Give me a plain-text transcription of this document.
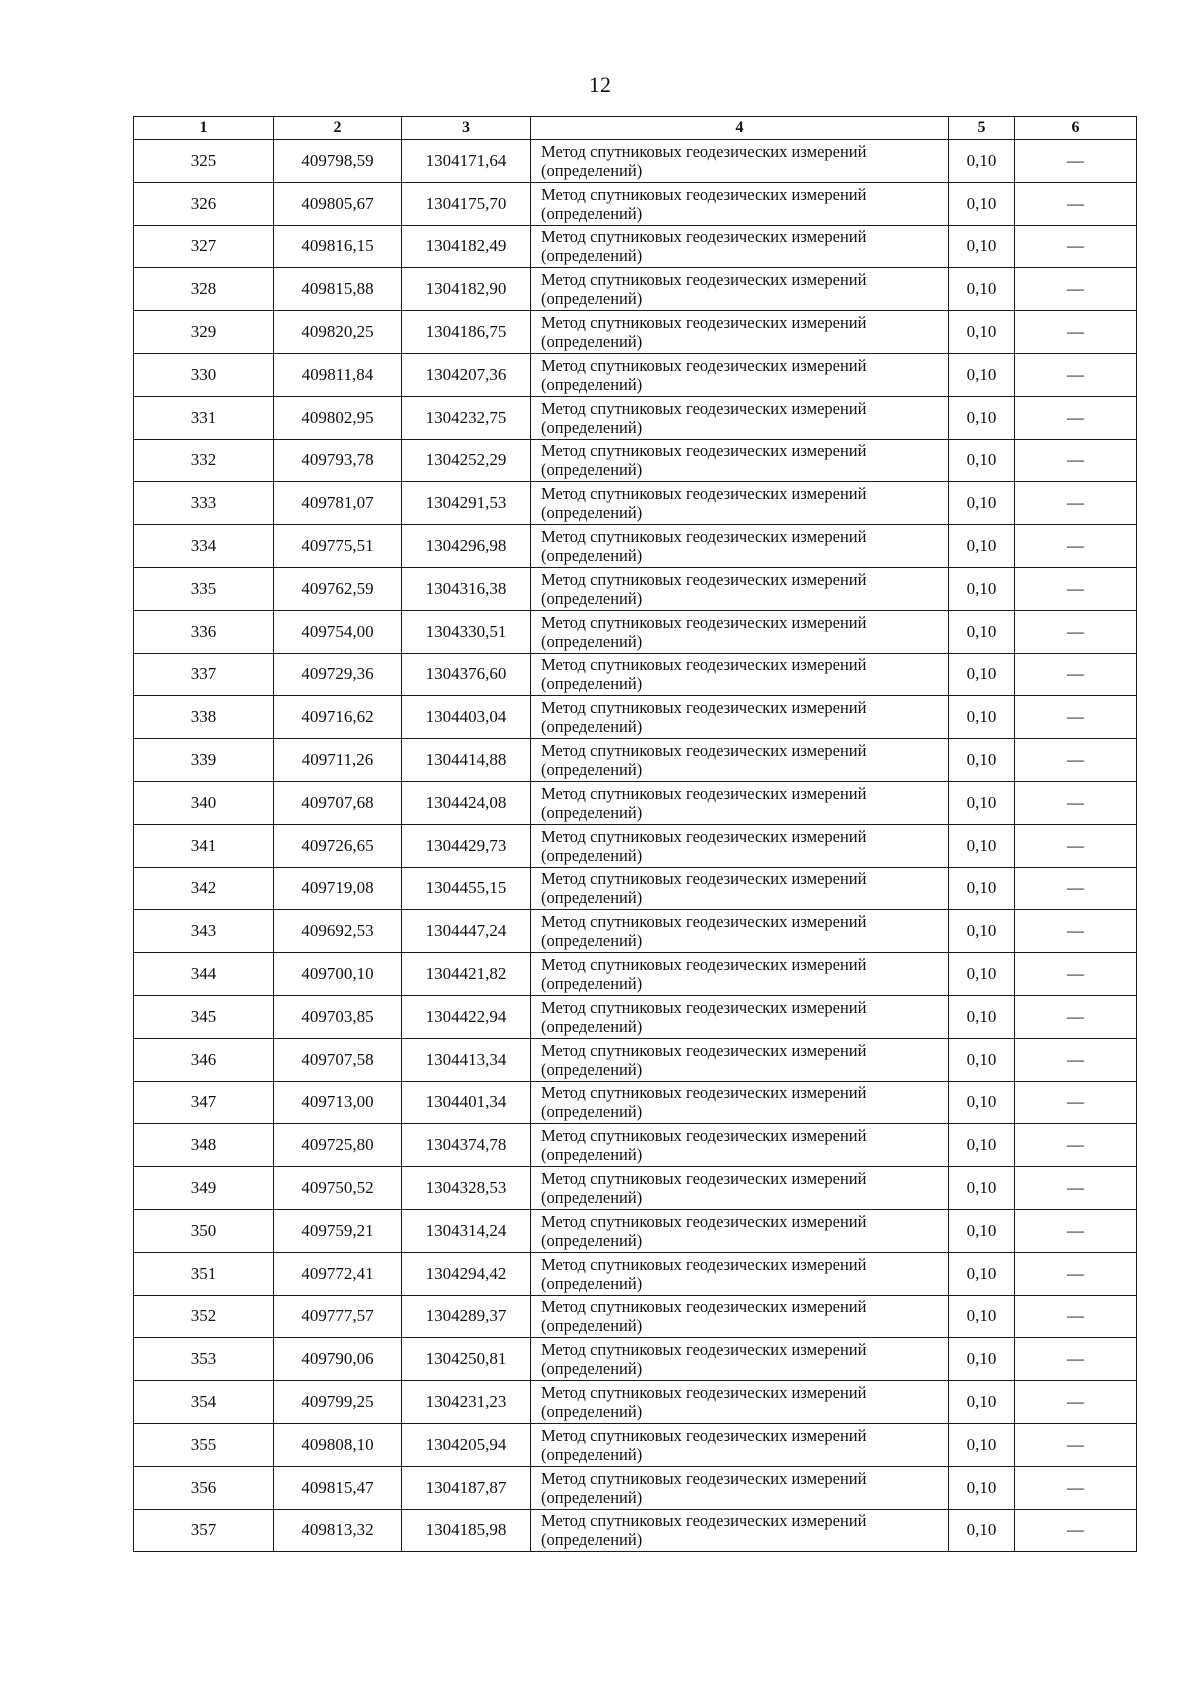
12
1	2	3	4	5	6
325	409798,59	1304171,64	Метод спутниковых геодезических измерений
(определений)	0,10	—
326	409805,67	1304175,70	Метод спутниковых геодезических измерений
(определений)	0,10	—
327	409816,15	1304182,49	Метод спутниковых геодезических измерений
(определений)	0,10	—
328	409815,88	1304182,90	Метод спутниковых геодезических измерений
(определений)	0,10	—
329	409820,25	1304186,75	Метод спутниковых геодезических измерений
(определений)	0,10	—
330	409811,84	1304207,36	Метод спутниковых геодезических измерений
(определений)	0,10	—
331	409802,95	1304232,75	Метод спутниковых геодезических измерений
(определений)	0,10	—
332	409793,78	1304252,29	Метод спутниковых геодезических измерений
(определений)	0,10	—
333	409781,07	1304291,53	Метод спутниковых геодезических измерений
(определений)	0,10	—
334	409775,51	1304296,98	Метод спутниковых геодезических измерений
(определений)	0,10	—
335	409762,59	1304316,38	Метод спутниковых геодезических измерений
(определений)	0,10	—
336	409754,00	1304330,51	Метод спутниковых геодезических измерений
(определений)	0,10	—
337	409729,36	1304376,60	Метод спутниковых геодезических измерений
(определений)	0,10	—
338	409716,62	1304403,04	Метод спутниковых геодезических измерений
(определений)	0,10	—
339	409711,26	1304414,88	Метод спутниковых геодезических измерений
(определений)	0,10	—
340	409707,68	1304424,08	Метод спутниковых геодезических измерений
(определений)	0,10	—
341	409726,65	1304429,73	Метод спутниковых геодезических измерений
(определений)	0,10	—
342	409719,08	1304455,15	Метод спутниковых геодезических измерений
(определений)	0,10	—
343	409692,53	1304447,24	Метод спутниковых геодезических измерений
(определений)	0,10	—
344	409700,10	1304421,82	Метод спутниковых геодезических измерений
(определений)	0,10	—
345	409703,85	1304422,94	Метод спутниковых геодезических измерений
(определений)	0,10	—
346	409707,58	1304413,34	Метод спутниковых геодезических измерений
(определений)	0,10	—
347	409713,00	1304401,34	Метод спутниковых геодезических измерений
(определений)	0,10	—
348	409725,80	1304374,78	Метод спутниковых геодезических измерений
(определений)	0,10	—
349	409750,52	1304328,53	Метод спутниковых геодезических измерений
(определений)	0,10	—
350	409759,21	1304314,24	Метод спутниковых геодезических измерений
(определений)	0,10	—
351	409772,41	1304294,42	Метод спутниковых геодезических измерений
(определений)	0,10	—
352	409777,57	1304289,37	Метод спутниковых геодезических измерений
(определений)	0,10	—
353	409790,06	1304250,81	Метод спутниковых геодезических измерений
(определений)	0,10	—
354	409799,25	1304231,23	Метод спутниковых геодезических измерений
(определений)	0,10	—
355	409808,10	1304205,94	Метод спутниковых геодезических измерений
(определений)	0,10	—
356	409815,47	1304187,87	Метод спутниковых геодезических измерений
(определений)	0,10	—
357	409813,32	1304185,98	Метод спутниковых геодезических измерений
(определений)	0,10	—
